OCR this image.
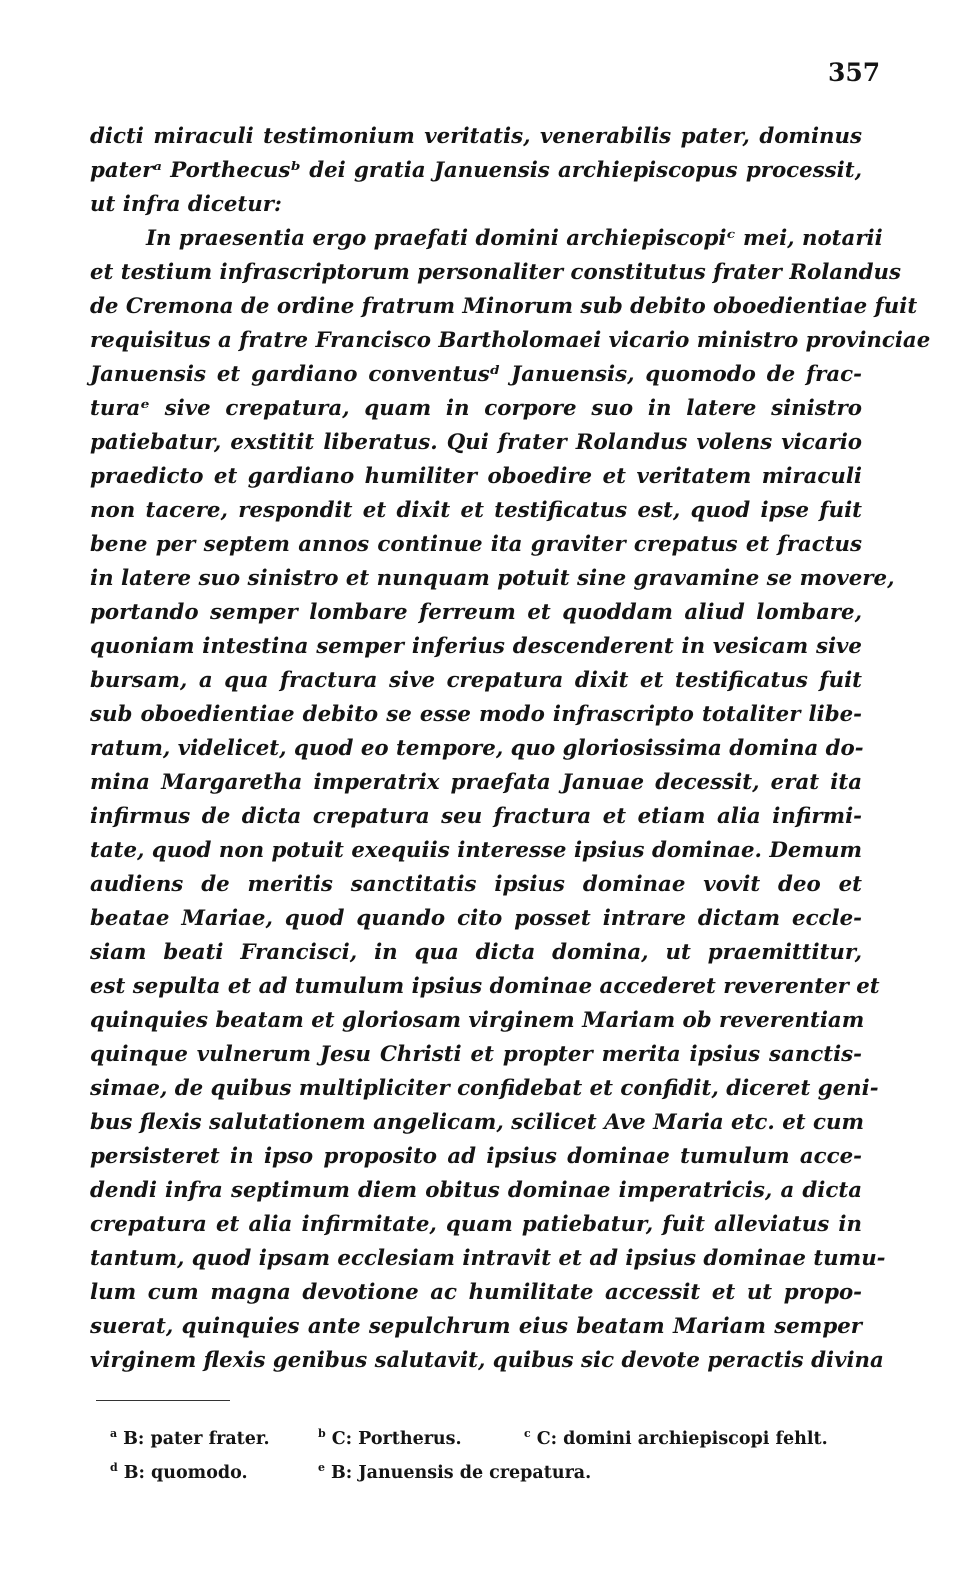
357
dicti miraculi testimonium veritatis, venerabilis pater, dominus
paterᵃ Porthecusᵇ dei gratia Januensis archiepiscopus processit,
ut infra dicetur:
In praesentia ergo praefati domini archiepiscopiᶜ mei, notarii
et testium infrascriptorum personaliter constitutus frater Rolandus
de Cremona de ordine fratrum Minorum sub debito oboedientiae fuit
requisitus a fratre Francisco Bartholomaei vicario ministro provinciae
Januensis et gardiano conventusᵈ Januensis, quomodo de frac-
turaᵉ sive crepatura, quam in corpore suo in latere sinistro
patiebatur, exstitit liberatus. Qui frater Rolandus volens vicario
praedicto et gardiano humiliter oboedire et veritatem miraculi
non tacere, respondit et dixit et testificatus est, quod ipse fuit
bene per septem annos continue ita graviter crepatus et fractus
in latere suo sinistro et nunquam potuit sine gravamine se movere,
portando semper lombare ferreum et quoddam aliud lombare,
quoniam intestina semper inferius descenderent in vesicam sive
bursam, a qua fractura sive crepatura dixit et testificatus fuit
sub oboedientiae debito se esse modo infrascripto totaliter libe-
ratum, videlicet, quod eo tempore, quo gloriosissima domina do-
mina Margaretha imperatrix praefata Januae decessit, erat ita
infirmus de dicta crepatura seu fractura et etiam alia infirmi-
tate, quod non potuit exequiis interesse ipsius dominae. Demum
audiens de meritis sanctitatis ipsius dominae vovit deo et
beatae Mariae, quod quando cito posset intrare dictam eccle-
siam beati Francisci, in qua dicta domina, ut praemittitur,
est sepulta et ad tumulum ipsius dominae accederet reverenter et
quinquies beatam et gloriosam virginem Mariam ob reverentiam
quinque vulnerum Jesu Christi et propter merita ipsius sanctis-
simae, de quibus multipliciter confidebat et confidit, diceret geni-
bus flexis salutationem angelicam, scilicet Ave Maria etc. et cum
persisteret in ipso proposito ad ipsius dominae tumulum acce-
dendi infra septimum diem obitus dominae imperatricis, a dicta
crepatura et alia infirmitate, quam patiebatur, fuit alleviatus in
tantum, quod ipsam ecclesiam intravit et ad ipsius dominae tumu-
lum cum magna devotione ac humilitate accessit et ut propo-
suerat, quinquies ante sepulchrum eius beatam Mariam semper
virginem flexis genibus salutavit, quibus sic devote peractis divina
$^a$ B: pater frater.	$^b$ C: Portherus.	$^c$ C: domini archiepiscopi fehlt.
$^d$ B: quomodo.	$^e$ B: Januensis de crepatura.
